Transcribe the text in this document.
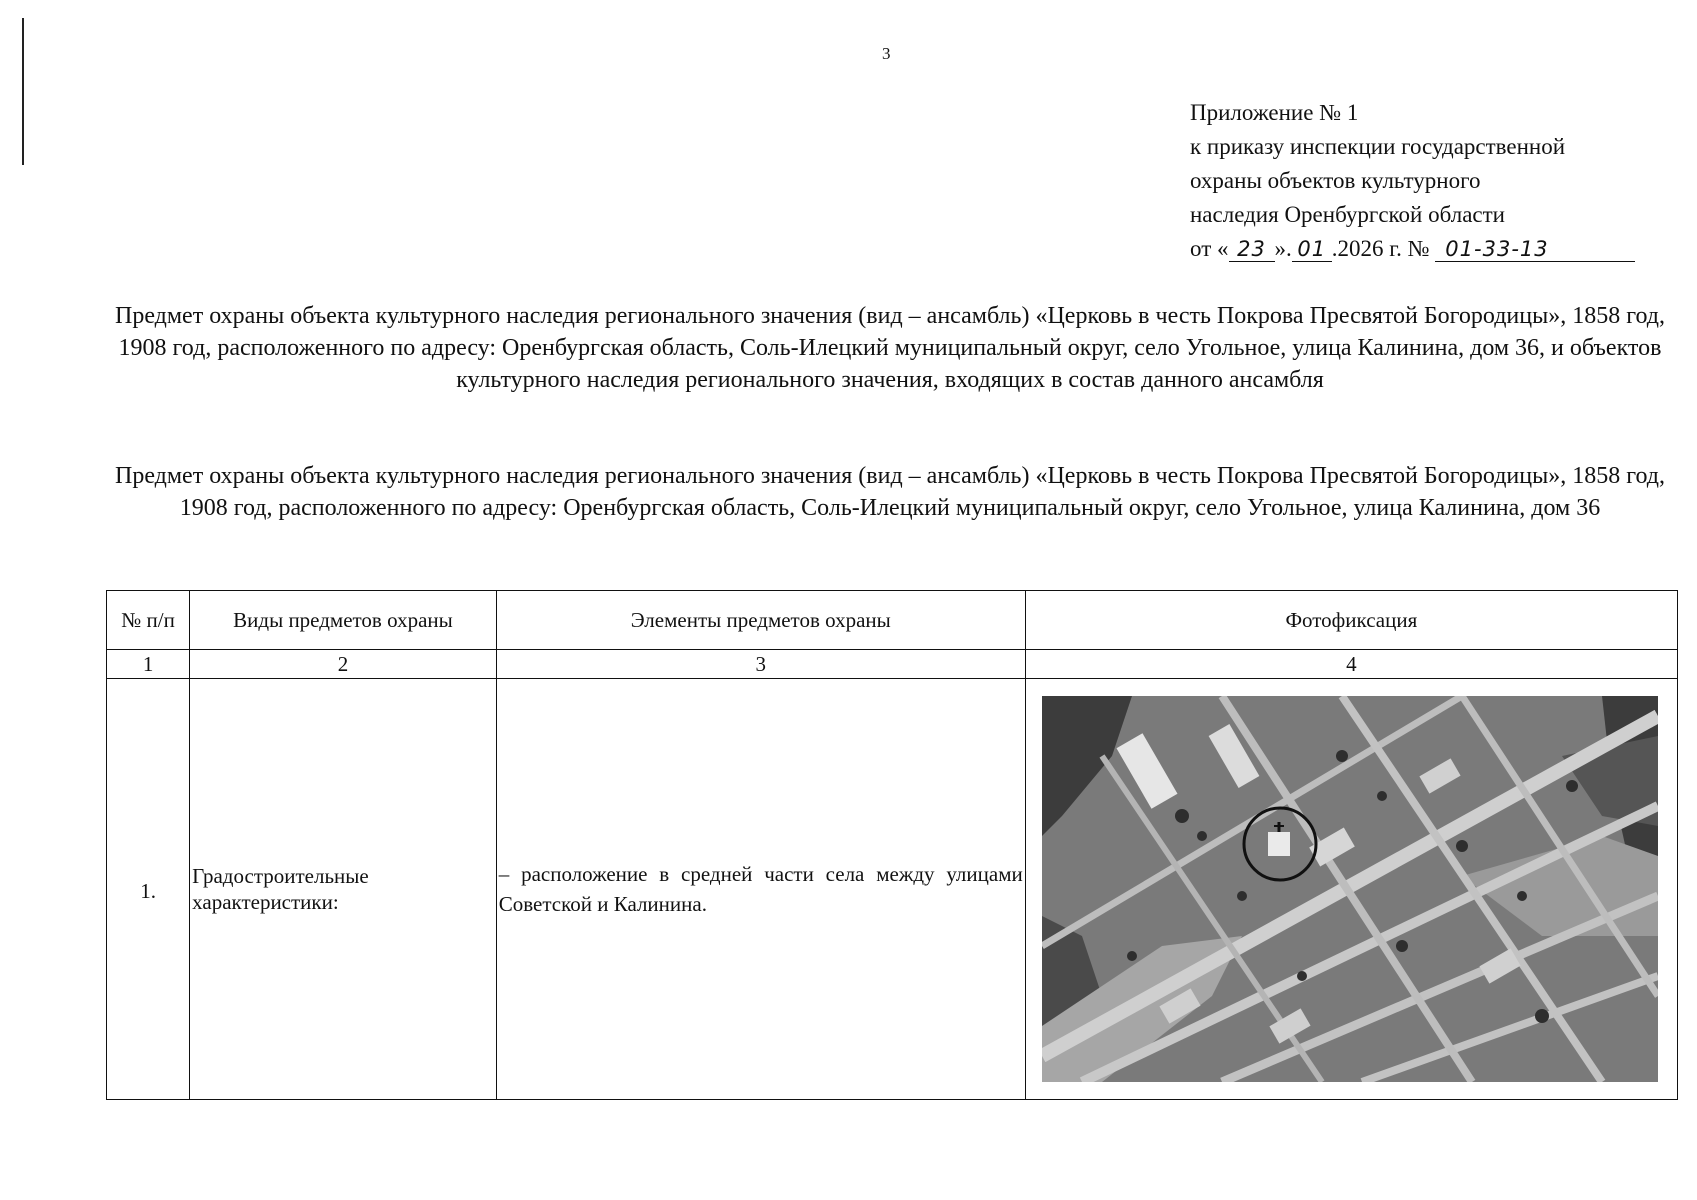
3
Приложение № 1
к приказу инспекции государственной
охраны объектов культурного
наследия Оренбургской области
от « 23 ». 01 .2026 г. № 01-33-13
Предмет охраны объекта культурного наследия регионального значения (вид – ансамбль) «Церковь в честь Покрова Пресвятой Богородицы», 1858 год, 1908 год, расположенного по адресу: Оренбургская область, Соль-Илецкий муниципальный округ, село Угольное, улица Калинина, дом 36, и объектов культурного наследия регионального значения, входящих в состав данного ансамбля
Предмет охраны объекта культурного наследия регионального значения (вид – ансамбль) «Церковь в честь Покрова Пресвятой Богородицы», 1858 год, 1908 год, расположенного по адресу: Оренбургская область, Соль-Илецкий муниципальный округ, село Угольное, улица Калинина, дом 36
№ п/п	Виды предметов охраны	Элементы предметов охраны	Фотофиксация
1	2	3	4
1.	Градостроительные характеристики:	– расположение в средней части села между улицами Советской и Калинина.	
